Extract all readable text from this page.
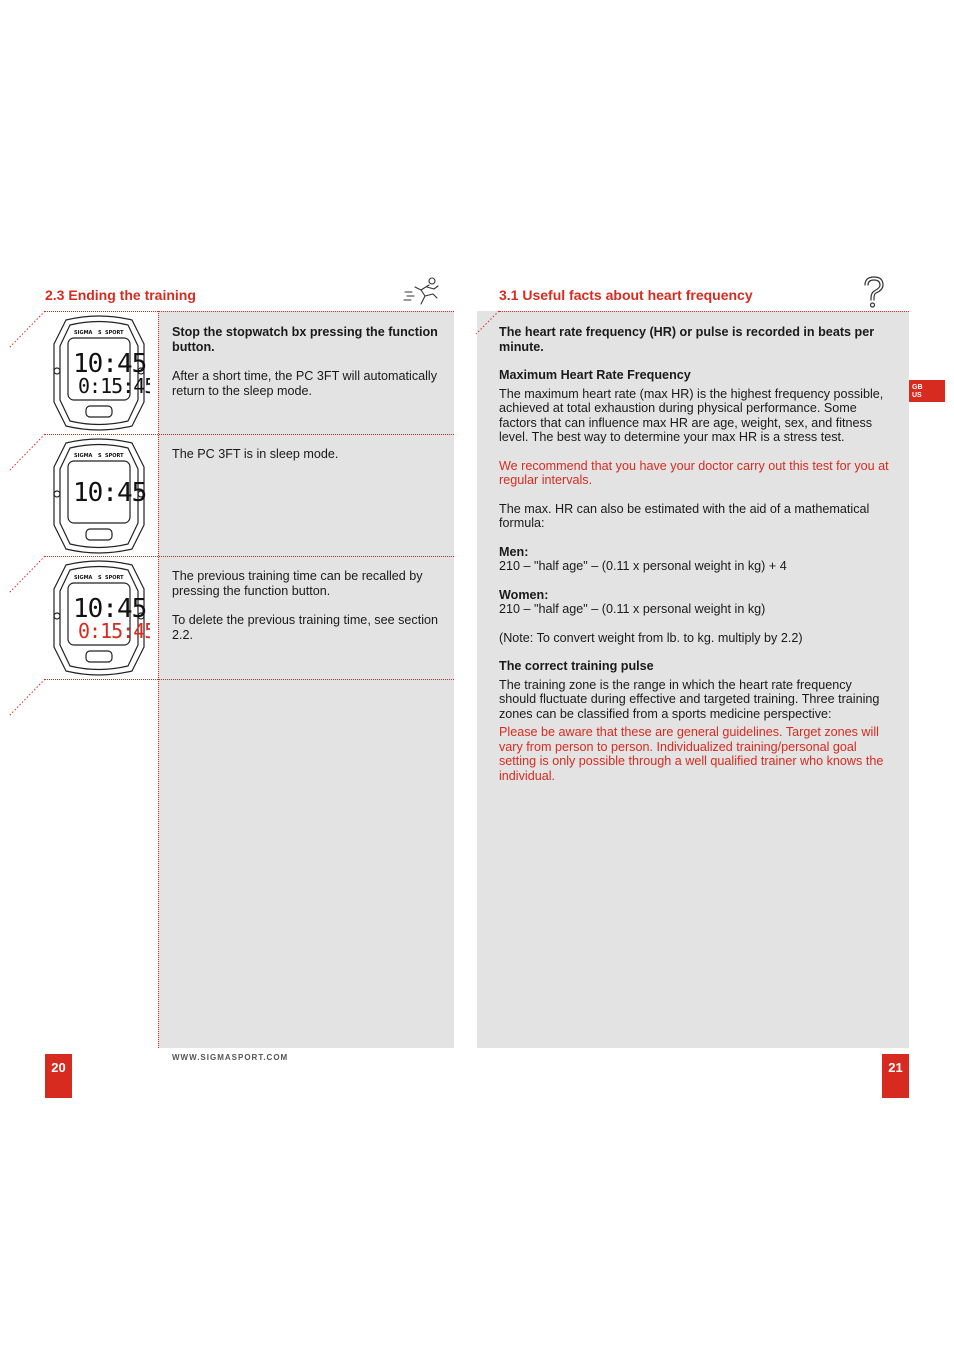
2.3 Ending the training
SIGMA S SPORT
10:45
0:15:45
SIGMA S SPORT
10:45
SIGMA S SPORT
10:45
0:15:45

Stop the stopwatch bx pressing the function button.

After a short time, the PC 3FT will automatically return to the sleep mode.

The PC 3FT is in sleep mode.

The previous training time can be recalled by pressing the function button.

To delete the previous training time, see section 2.2.

20
WWW.SIGMASPORT.COM
3.1 Useful facts about heart frequency
GB
US

The heart rate frequency (HR) or pulse is recorded in beats per minute.

Maximum Heart Rate Frequency

The maximum heart rate (max HR) is the highest frequency possible, achieved at total exhaustion during physical performance. Some factors that can influence max HR are age, weight, sex, and fitness level. The best way to determine your max HR is a stress test.

We recommend that you have your doctor carry out this test for you at regular intervals.

The max. HR can also be estimated with the aid of a mathematical formula:

Men:

210 – "half age" – (0.11 x personal weight in kg) + 4

Women:

210 – "half age" – (0.11 x personal weight in kg)

(Note: To convert weight from lb. to kg. multiply by 2.2)

The correct training pulse

The training zone is the range in which the heart rate frequency should fluctuate during effective and targeted training. Three training zones can be classified from a sports medicine perspective:

Please be aware that these are general guidelines. Target zones will vary from person to person. Individualized training/personal goal setting is only possible through a well qualified trainer who knows the individual.

21
